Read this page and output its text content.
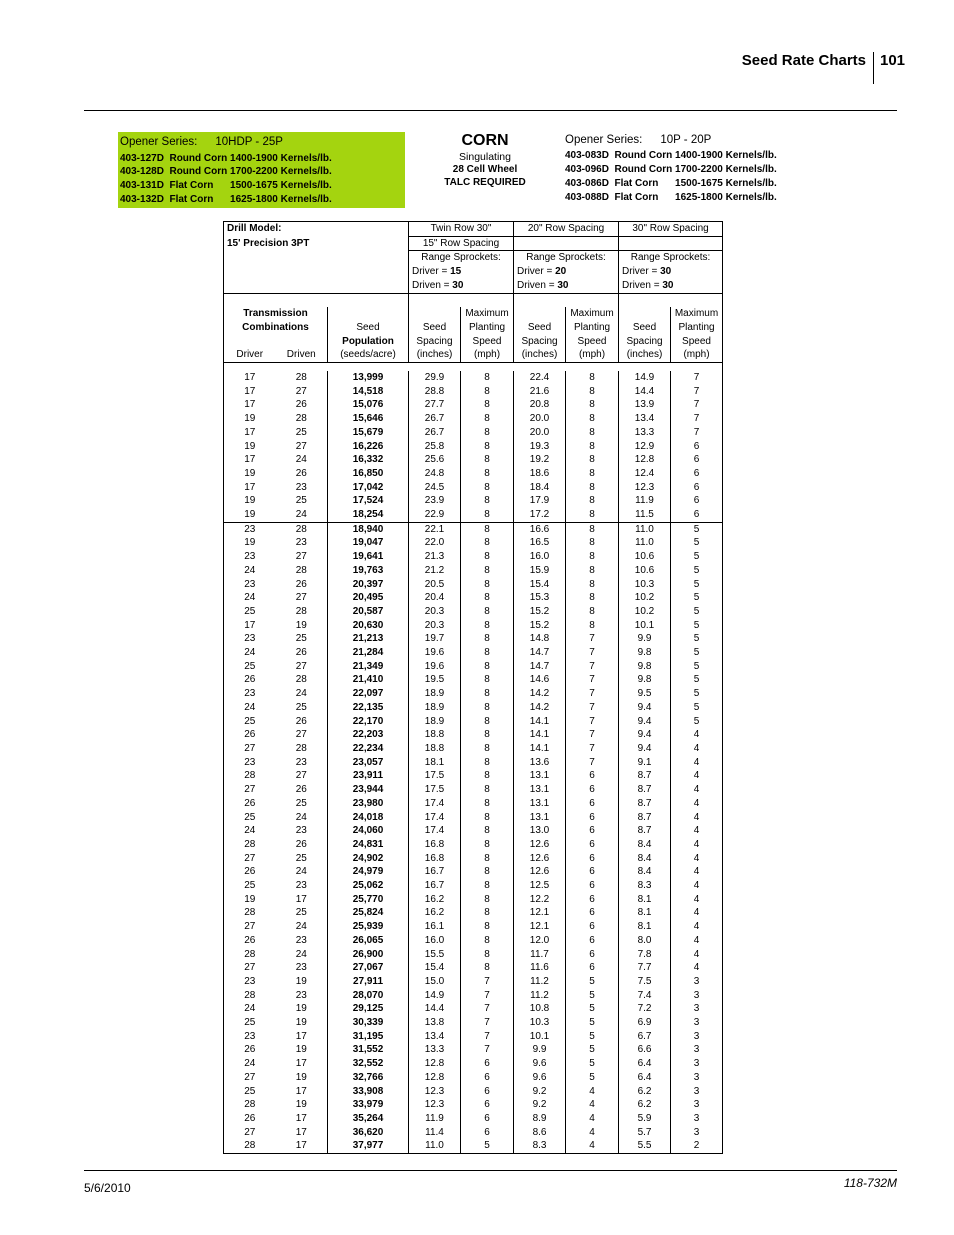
Seed Rate Charts 101
Opener Series: 10HDP - 25P
403-127D  Round Corn 1400-1900 Kernels/lb.
403-128D  Round Corn 1700-2200 Kernels/lb.
403-131D  Flat Corn      1500-1675 Kernels/lb.
403-132D  Flat Corn      1625-1800 Kernels/lb.
CORN
Singulating
28 Cell Wheel
TALC REQUIRED
Opener Series: 10P - 20P
403-083D  Round Corn 1400-1900 Kernels/lb.
403-096D  Round Corn 1700-2200 Kernels/lb.
403-086D  Flat Corn      1500-1675 Kernels/lb.
403-088D  Flat Corn      1625-1800 Kernels/lb.
Drill Model:			Twin Row 30"		20" Row Spacing		30" Row Spacing	
15' Precision 3PT			15" Row Spacing					
			Range Sprockets:		Range Sprockets:		Range Sprockets:	
			Driver = 15		Driver = 20		Driver = 30	
			Driven = 30		Driven = 30		Driven = 30	

Transmission				Maximum		Maximum		Maximum
Combinations		Seed	Seed	Planting	Seed	Planting	Seed	Planting
		Population	Spacing	Speed	Spacing	Speed	Spacing	Speed
Driver	Driven	(seeds/acre)	(inches)	(mph)	(inches)	(mph)	(inches)	(mph)

17	28	13,999	29.9	8	22.4	8	14.9	7
17	27	14,518	28.8	8	21.6	8	14.4	7
17	26	15,076	27.7	8	20.8	8	13.9	7
19	28	15,646	26.7	8	20.0	8	13.4	7
17	25	15,679	26.7	8	20.0	8	13.3	7
19	27	16,226	25.8	8	19.3	8	12.9	6
17	24	16,332	25.6	8	19.2	8	12.8	6
19	26	16,850	24.8	8	18.6	8	12.4	6
17	23	17,042	24.5	8	18.4	8	12.3	6
19	25	17,524	23.9	8	17.9	8	11.9	6
19	24	18,254	22.9	8	17.2	8	11.5	6
23	28	18,940	22.1	8	16.6	8	11.0	5
19	23	19,047	22.0	8	16.5	8	11.0	5
23	27	19,641	21.3	8	16.0	8	10.6	5
24	28	19,763	21.2	8	15.9	8	10.6	5
23	26	20,397	20.5	8	15.4	8	10.3	5
24	27	20,495	20.4	8	15.3	8	10.2	5
25	28	20,587	20.3	8	15.2	8	10.2	5
17	19	20,630	20.3	8	15.2	8	10.1	5
23	25	21,213	19.7	8	14.8	7	9.9	5
24	26	21,284	19.6	8	14.7	7	9.8	5
25	27	21,349	19.6	8	14.7	7	9.8	5
26	28	21,410	19.5	8	14.6	7	9.8	5
23	24	22,097	18.9	8	14.2	7	9.5	5
24	25	22,135	18.9	8	14.2	7	9.4	5
25	26	22,170	18.9	8	14.1	7	9.4	5
26	27	22,203	18.8	8	14.1	7	9.4	4
27	28	22,234	18.8	8	14.1	7	9.4	4
23	23	23,057	18.1	8	13.6	7	9.1	4
28	27	23,911	17.5	8	13.1	6	8.7	4
27	26	23,944	17.5	8	13.1	6	8.7	4
26	25	23,980	17.4	8	13.1	6	8.7	4
25	24	24,018	17.4	8	13.1	6	8.7	4
24	23	24,060	17.4	8	13.0	6	8.7	4
28	26	24,831	16.8	8	12.6	6	8.4	4
27	25	24,902	16.8	8	12.6	6	8.4	4
26	24	24,979	16.7	8	12.6	6	8.4	4
25	23	25,062	16.7	8	12.5	6	8.3	4
19	17	25,770	16.2	8	12.2	6	8.1	4
28	25	25,824	16.2	8	12.1	6	8.1	4
27	24	25,939	16.1	8	12.1	6	8.1	4
26	23	26,065	16.0	8	12.0	6	8.0	4
28	24	26,900	15.5	8	11.7	6	7.8	4
27	23	27,067	15.4	8	11.6	6	7.7	4
23	19	27,911	15.0	7	11.2	5	7.5	3
28	23	28,070	14.9	7	11.2	5	7.4	3
24	19	29,125	14.4	7	10.8	5	7.2	3
25	19	30,339	13.8	7	10.3	5	6.9	3
23	17	31,195	13.4	7	10.1	5	6.7	3
26	19	31,552	13.3	7	9.9	5	6.6	3
24	17	32,552	12.8	6	9.6	5	6.4	3
27	19	32,766	12.8	6	9.6	5	6.4	3
25	17	33,908	12.3	6	9.2	4	6.2	3
28	19	33,979	12.3	6	9.2	4	6.2	3
26	17	35,264	11.9	6	8.9	4	5.9	3
27	17	36,620	11.4	6	8.6	4	5.7	3
28	17	37,977	11.0	5	8.3	4	5.5	2
5/6/2010	118-732M
